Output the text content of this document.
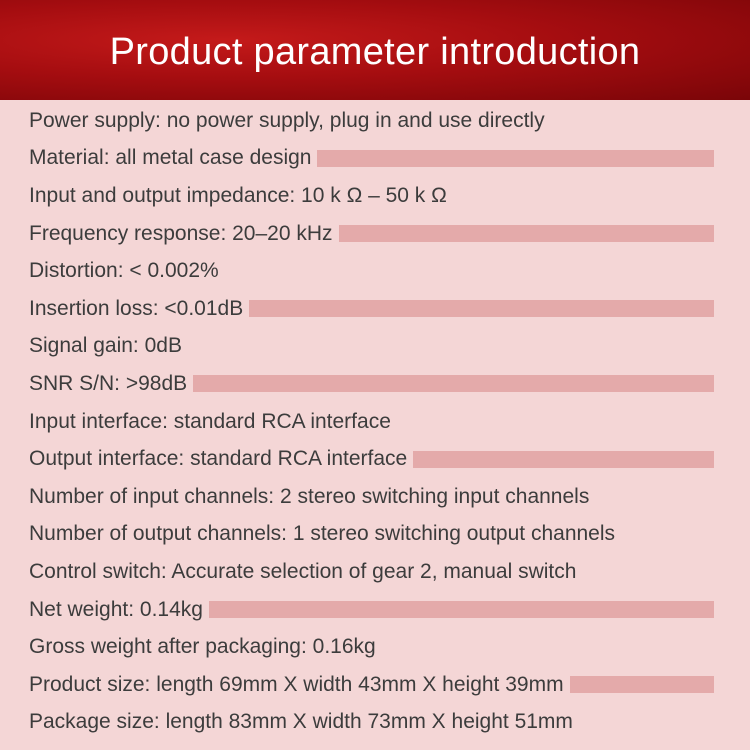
Product parameter introduction
Power supply: no power supply, plug in and use directly
Material: all metal case design
Input and output impedance: 10 k Ω – 50 k Ω
Frequency response: 20–20 kHz
Distortion: < 0.002%
Insertion loss: <0.01dB
Signal gain: 0dB
SNR S/N: >98dB
Input interface: standard RCA interface
Output interface: standard RCA interface
Number of input channels: 2 stereo switching input channels
Number of output channels: 1 stereo switching output channels
Control switch: Accurate selection of gear 2, manual switch
Net weight: 0.14kg
Gross weight after packaging: 0.16kg
Product size: length 69mm X width 43mm X height 39mm
Package size: length 83mm X width 73mm X height 51mm
